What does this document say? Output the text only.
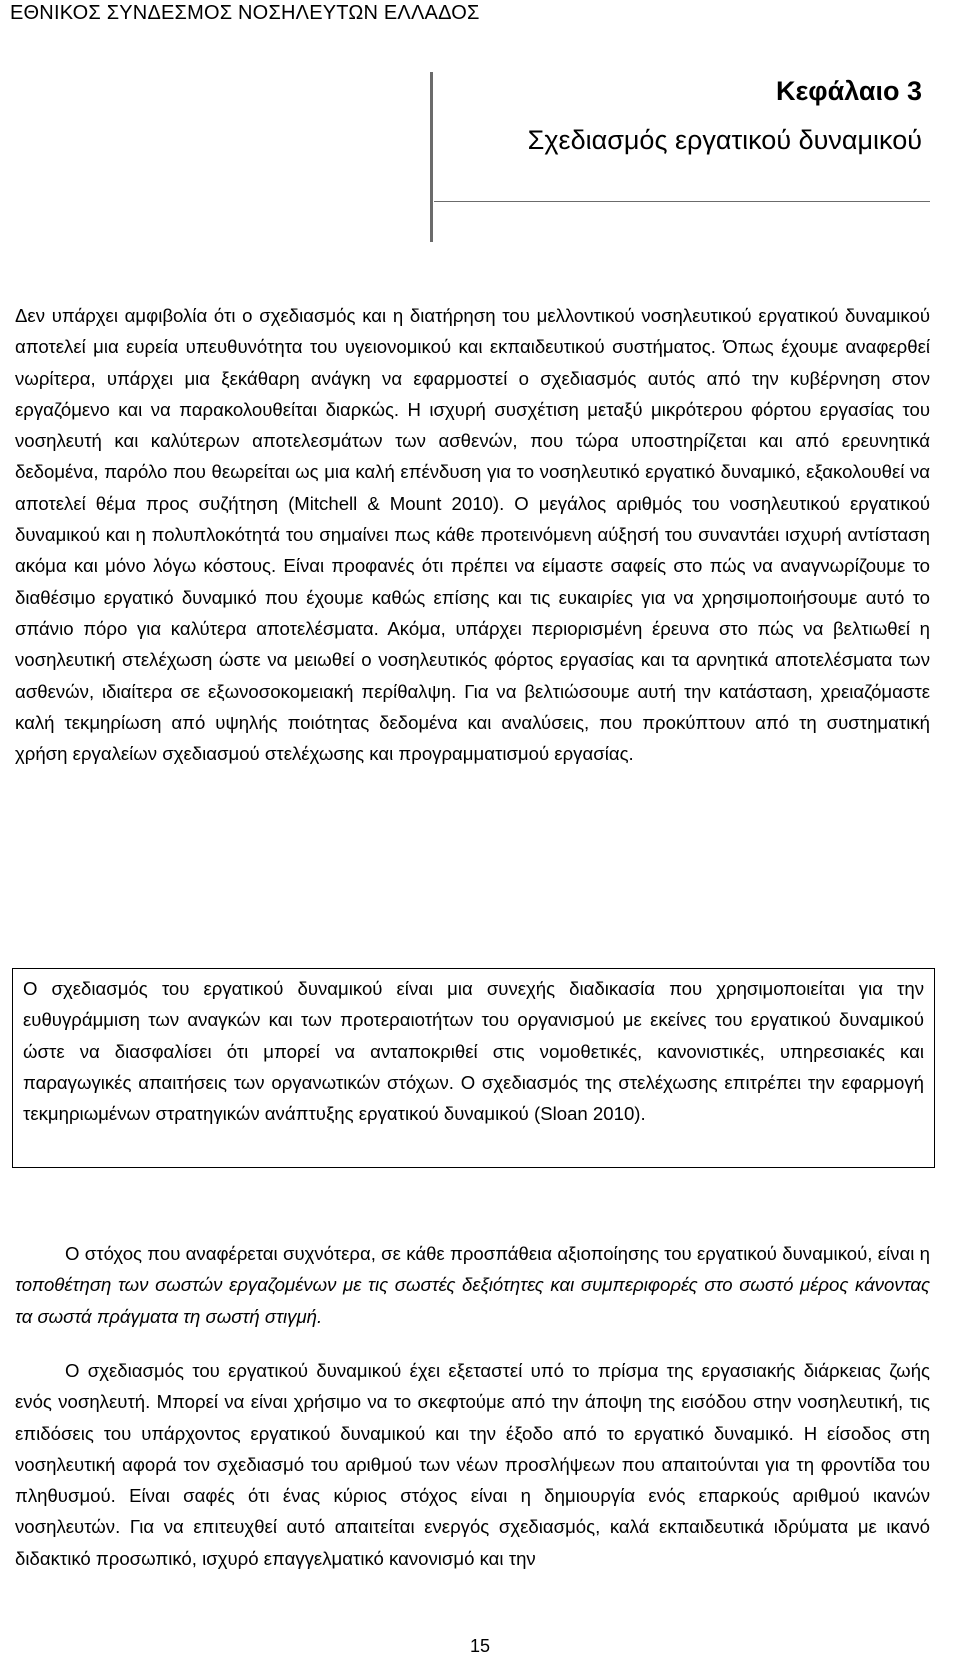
ΕΘΝΙΚΟΣ ΣΥΝΔΕΣΜΟΣ ΝΟΣΗΛΕΥΤΩΝ ΕΛΛΑΔΟΣ
Κεφάλαιο 3
Σχεδιασμός εργατικού δυναμικού

Δεν υπάρχει αμφιβολία ότι ο σχεδιασμός και η διατήρηση του μελλοντικού νοσηλευτικού εργατικού δυναμικού αποτελεί μια ευρεία υπευθυνότητα του υγειονομικού και εκπαιδευτικού συστήματος. Όπως έχουμε αναφερθεί νωρίτερα, υπάρχει μια ξεκάθαρη ανάγκη να εφαρμοστεί ο σχεδιασμός αυτός από την κυβέρνηση στον εργαζόμενο και να παρακολουθείται διαρκώς. Η ισχυρή συσχέτιση μεταξύ μικρότερου φόρτου εργασίας του νοσηλευτή και καλύτερων αποτελεσμάτων των ασθενών, που τώρα υποστηρίζεται και από ερευνητικά δεδομένα, παρόλο που θεωρείται ως μια καλή επένδυση για το νοσηλευτικό εργατικό δυναμικό, εξακολουθεί να αποτελεί θέμα προς συζήτηση (Mitchell & Mount 2010). Ο μεγάλος αριθμός του νοσηλευτικού εργατικού δυναμικού και η πολυπλοκότητά του σημαίνει πως κάθε προτεινόμενη αύξησή του συναντάει ισχυρή αντίσταση ακόμα και μόνο λόγω κόστους. Είναι προφανές ότι πρέπει να είμαστε σαφείς στο πώς να αναγνωρίζουμε το διαθέσιμο εργατικό δυναμικό που έχουμε καθώς επίσης και τις ευκαιρίες για να χρησιμοποιήσουμε αυτό το σπάνιο πόρο για καλύτερα αποτελέσματα. Ακόμα, υπάρχει περιορισμένη έρευνα στο πώς να βελτιωθεί η νοσηλευτική στελέχωση ώστε να μειωθεί ο νοσηλευτικός φόρτος εργασίας και τα αρνητικά αποτελέσματα των ασθενών, ιδιαίτερα σε εξωνοσοκομειακή περίθαλψη. Για να βελτιώσουμε αυτή την κατάσταση, χρειαζόμαστε καλή τεκμηρίωση από υψηλής ποιότητας δεδομένα και αναλύσεις, που προκύπτουν από τη συστηματική χρήση εργαλείων σχεδιασμού στελέχωσης και προγραμματισμού εργασίας.

Ο σχεδιασμός του εργατικού δυναμικού είναι μια συνεχής διαδικασία που χρησιμοποιείται για την ευθυγράμμιση των αναγκών και των προτεραιοτήτων του οργανισμού με εκείνες του εργατικού δυναμικού ώστε να διασφαλίσει ότι μπορεί να ανταποκριθεί στις νομοθετικές, κανονιστικές, υπηρεσιακές και παραγωγικές απαιτήσεις των οργανωτικών στόχων. Ο σχεδιασμός της στελέχωσης επιτρέπει την εφαρμογή τεκμηριωμένων στρατηγικών ανάπτυξης εργατικού δυναμικού (Sloan 2010).

Ο στόχος που αναφέρεται συχνότερα, σε κάθε προσπάθεια αξιοποίησης του εργατικού δυναμικού, είναι η τοποθέτηση των σωστών εργαζομένων με τις σωστές δεξιότητες και συμπεριφορές στο σωστό μέρος κάνοντας τα σωστά πράγματα τη σωστή στιγμή.

Ο σχεδιασμός του εργατικού δυναμικού έχει εξεταστεί υπό το πρίσμα της εργασιακής διάρκειας ζωής ενός νοσηλευτή. Μπορεί να είναι χρήσιμο να το σκεφτούμε από την άποψη της εισόδου στην νοσηλευτική, τις επιδόσεις του υπάρχοντος εργατικού δυναμικού και την έξοδο από το εργατικό δυναμικό. Η είσοδος στη νοσηλευτική αφορά τον σχεδιασμό του αριθμού των νέων προσλήψεων που απαιτούνται για τη φροντίδα του πληθυσμού. Είναι σαφές ότι ένας κύριος στόχος είναι η δημιουργία ενός επαρκούς αριθμού ικανών νοσηλευτών. Για να επιτευχθεί αυτό απαιτείται ενεργός σχεδιασμός, καλά εκπαιδευτικά ιδρύματα με ικανό διδακτικό προσωπικό, ισχυρό επαγγελματικό κανονισμό και την

15
